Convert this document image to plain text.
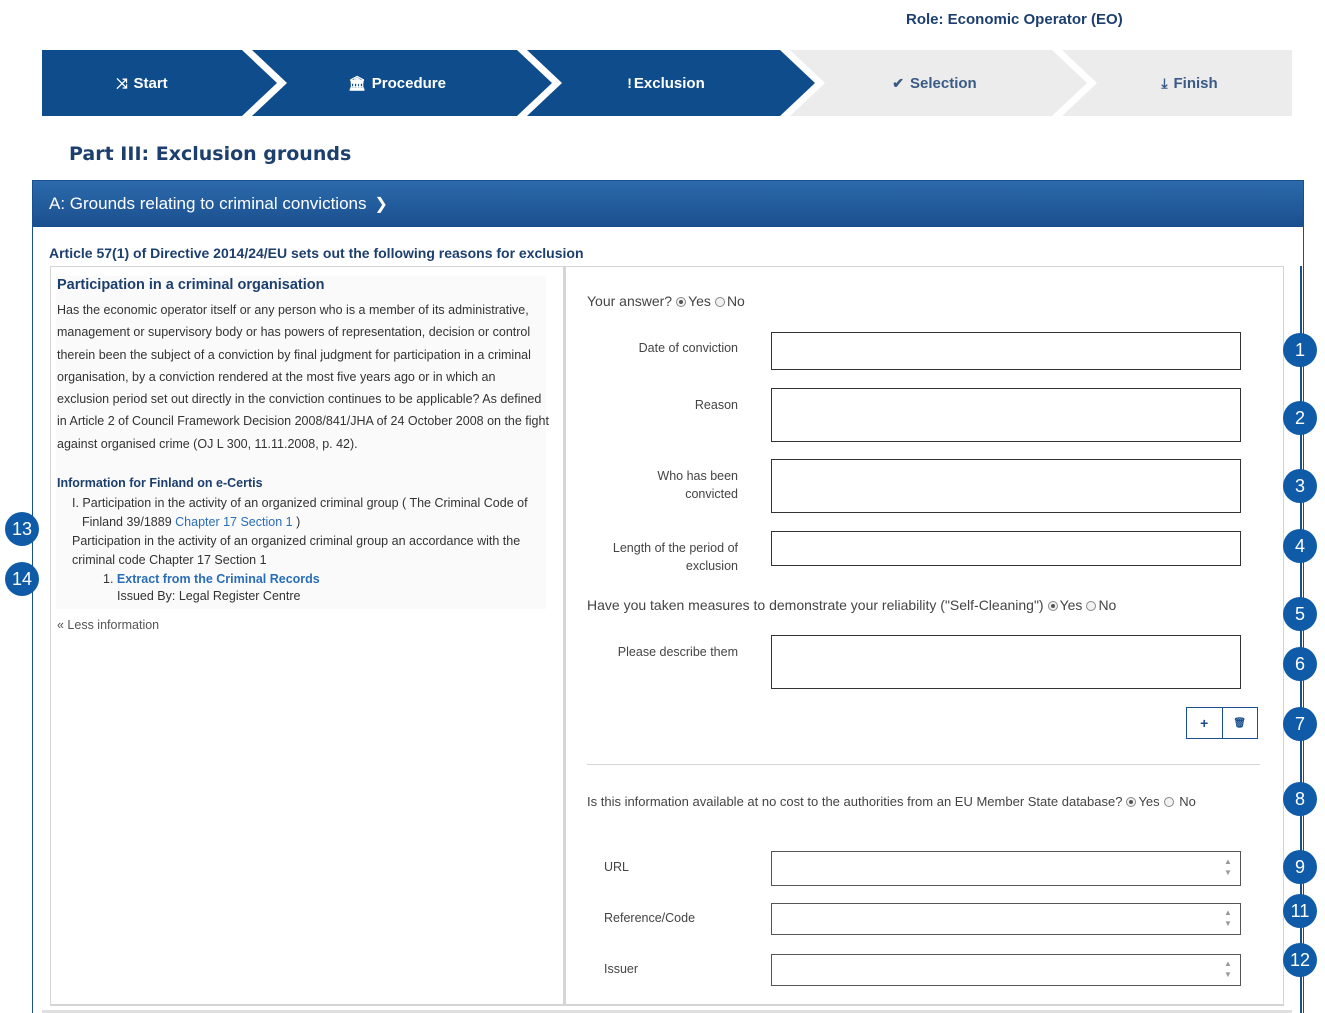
Role: Economic Operator (EO)
⤨ Start	🏛 Procedure	! Exclusion	✔ Selection	⤓ Finish
Part III: Exclusion grounds
A: Grounds relating to criminal convictions ❯
Article 57(1) of Directive 2014/24/EU sets out the following reasons for exclusion
Participation in a criminal organisation
Has the economic operator itself or any person who is a member of its administrative, management or supervisory body or has powers of representation, decision or control therein been the subject of a conviction by final judgment for participation in a criminal organisation, by a conviction rendered at the most five years ago or in which an exclusion period set out directly in the conviction continues to be applicable? As defined in Article 2 of Council Framework Decision 2008/841/JHA of 24 October 2008 on the fight against organised crime (OJ L 300, 11.11.2008, p. 42).
Information for Finland on e-Certis
I. Participation in the activity of an organized criminal group ( The Criminal Code of Finland 39/1889 Chapter 17 Section 1 )
Participation in the activity of an organized criminal group an accordance with the criminal code Chapter 17 Section 1
1. Extract from the Criminal Records
Issued By: Legal Register Centre
« Less information
Your answer? Yes No
Date of conviction
Reason
Who has been convicted
Length of the period of exclusion
Have you taken measures to demonstrate your reliability ("Self-Cleaning") Yes No
Please describe them
+	🗑
Is this information available at no cost to the authorities from an EU Member State database? Yes No
URL	▲
▼
Reference/Code	▲
▼
Issuer	▲
▼
1
2
3
4
5
6
7
8
9
11
12
13
14
